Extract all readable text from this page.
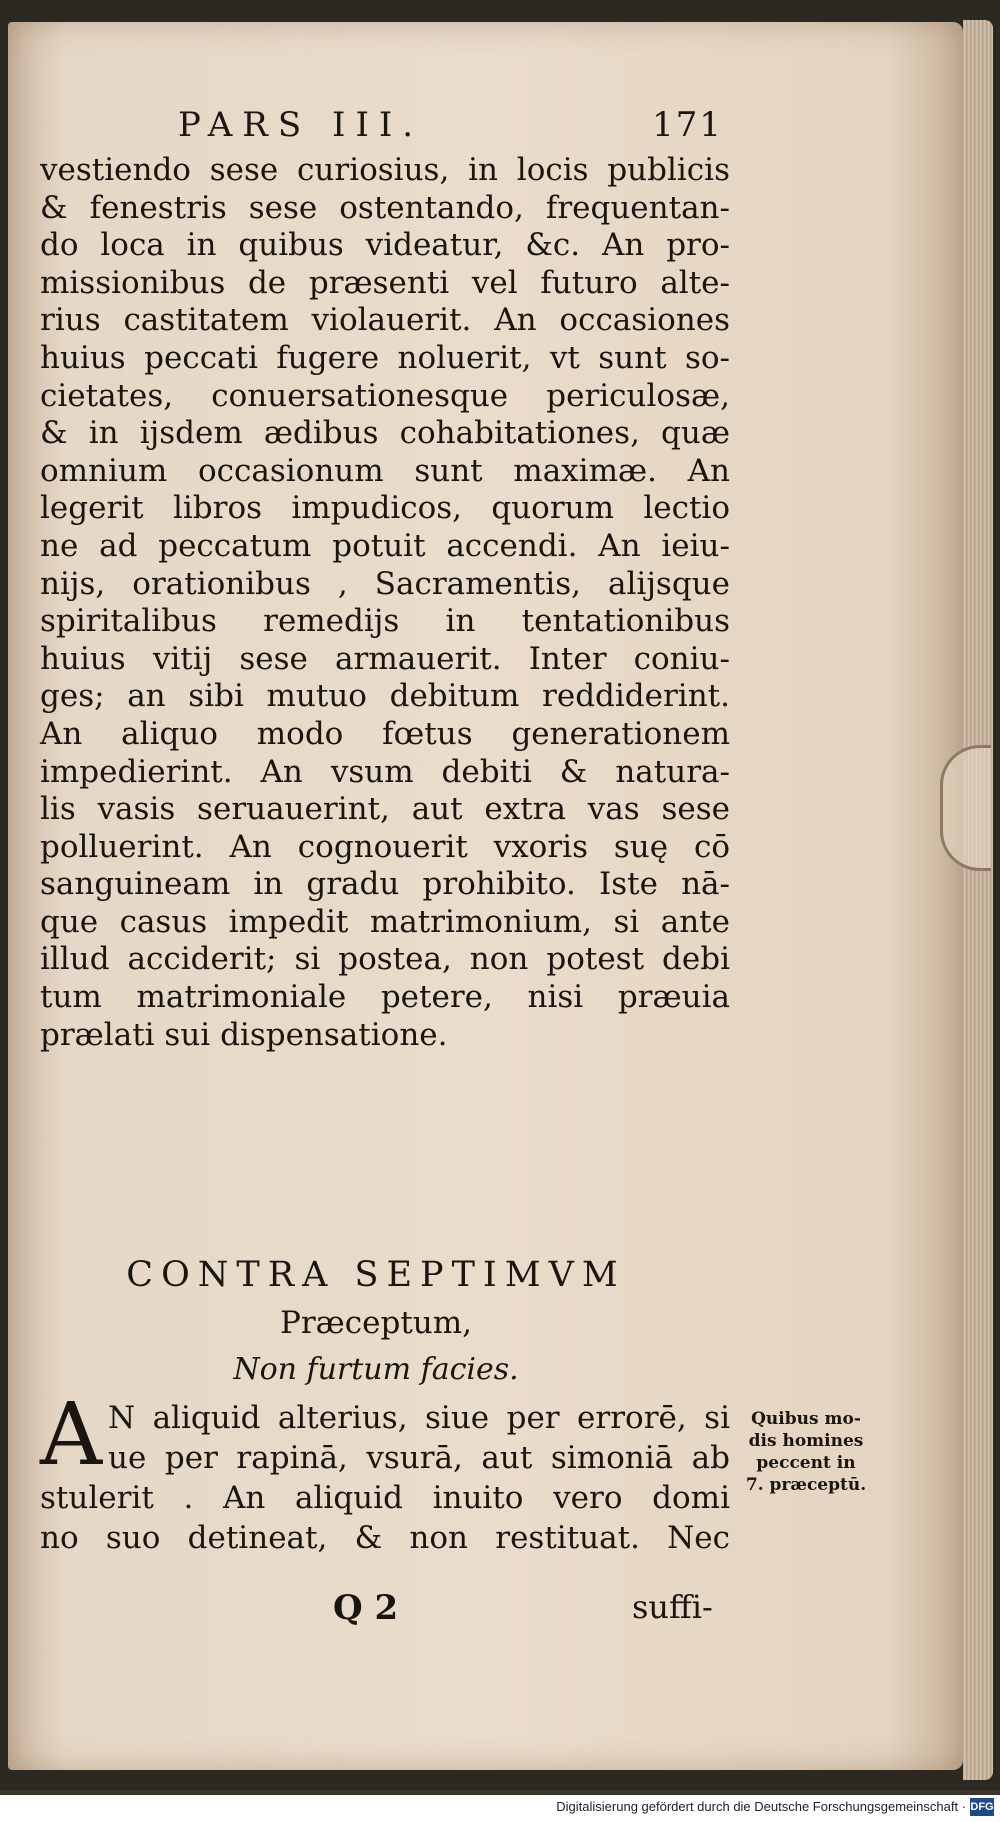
PARS III.	171
vestiendo sese curiosius, in locis publicis
& fenestris sese ostentando, frequentan-
do loca in quibus videatur, &c. An pro-
missionibus de præsenti vel futuro alte-
rius castitatem violauerit. An occasiones
huius peccati fugere noluerit, vt sunt so-
cietates, conuersationesque periculosæ,
& in ijsdem ædibus cohabitationes, quæ
omnium occasionum sunt maximæ. An
legerit libros impudicos, quorum lectio
ne ad peccatum potuit accendi. An ieiu-
nijs, orationibus , Sacramentis, alijsque
spiritalibus remedijs in tentationibus
huius vitij sese armauerit. Inter coniu-
ges; an sibi mutuo debitum reddiderint.
An aliquo modo fœtus generationem
impedierint. An vsum debiti & natura-
lis vasis seruauerint, aut extra vas sese
polluerint. An cognouerit vxoris suę cō
sanguineam in gradu prohibito. Iste nā-
que casus impedit matrimonium, si ante
illud acciderit; si postea, non potest debi
tum matrimoniale petere, nisi præuia
prælati sui dispensatione.
CONTRA SEPTIMVM
Præceptum,
Non furtum facies.
A N aliquid alterius, siue per errorē, si
ue per rapinā, vsurā, aut simoniā ab
stulerit . An aliquid inuito vero domi
no suo detineat, & non restituat. Nec
Quibus mo-
dis homines
peccent in
7. præceptū.
Q 2	suffi-
Digitalisierung gefördert durch die Deutsche Forschungsgemeinschaft · DFG
